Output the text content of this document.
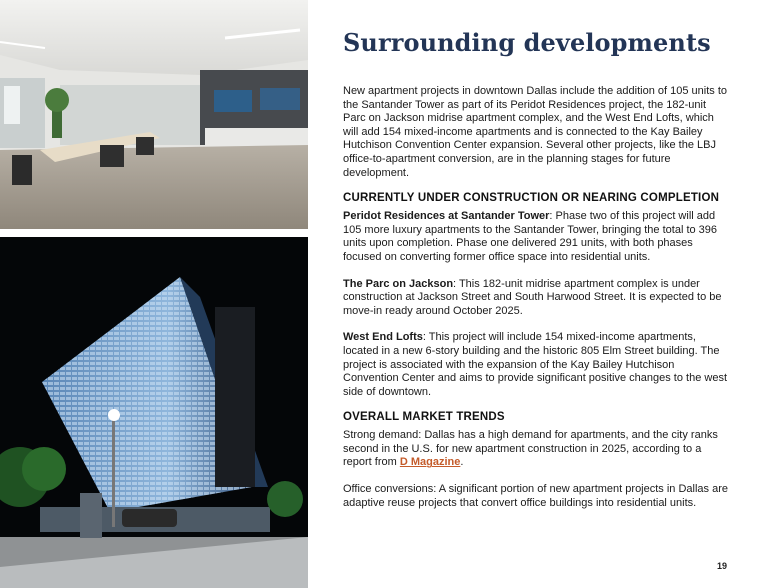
Surrounding developments

New apartment projects in downtown Dallas include the addition of 105 units to the Santander Tower as part of its Peridot Residences project, the 182-unit Parc on Jackson midrise apartment complex, and the West End Lofts, which will add 154 mixed-income apartments and is connected to the Kay Bailey Hutchison Convention Center expansion. Several other projects, like the LBJ office-to-apartment conversion, are in the planning stages for future development.

CURRENTLY UNDER CONSTRUCTION OR NEARING COMPLETION

Peridot Residences at Santander Tower: Phase two of this project will add 105 more luxury apartments to the Santander Tower, bringing the total to 396 units upon completion. Phase one delivered 291 units, with both phases focused on converting former office space into residential units.

The Parc on Jackson: This 182-unit midrise apartment complex is under construction at Jackson Street and South Harwood Street. It is expected to be move-in ready around October 2025.

West End Lofts: This project will include 154 mixed-income apartments, located in a new 6-story building and the historic 805 Elm Street building. The project is associated with the expansion of the Kay Bailey Hutchison Convention Center and aims to provide significant positive changes to the west side of downtown.

OVERALL MARKET TRENDS

Strong demand: Dallas has a high demand for apartments, and the city ranks second in the U.S. for new apartment construction in 2025, according to a report from D Magazine.

Office conversions: A significant portion of new apartment projects in Dallas are adaptive reuse projects that convert office buildings into residential units.

19
